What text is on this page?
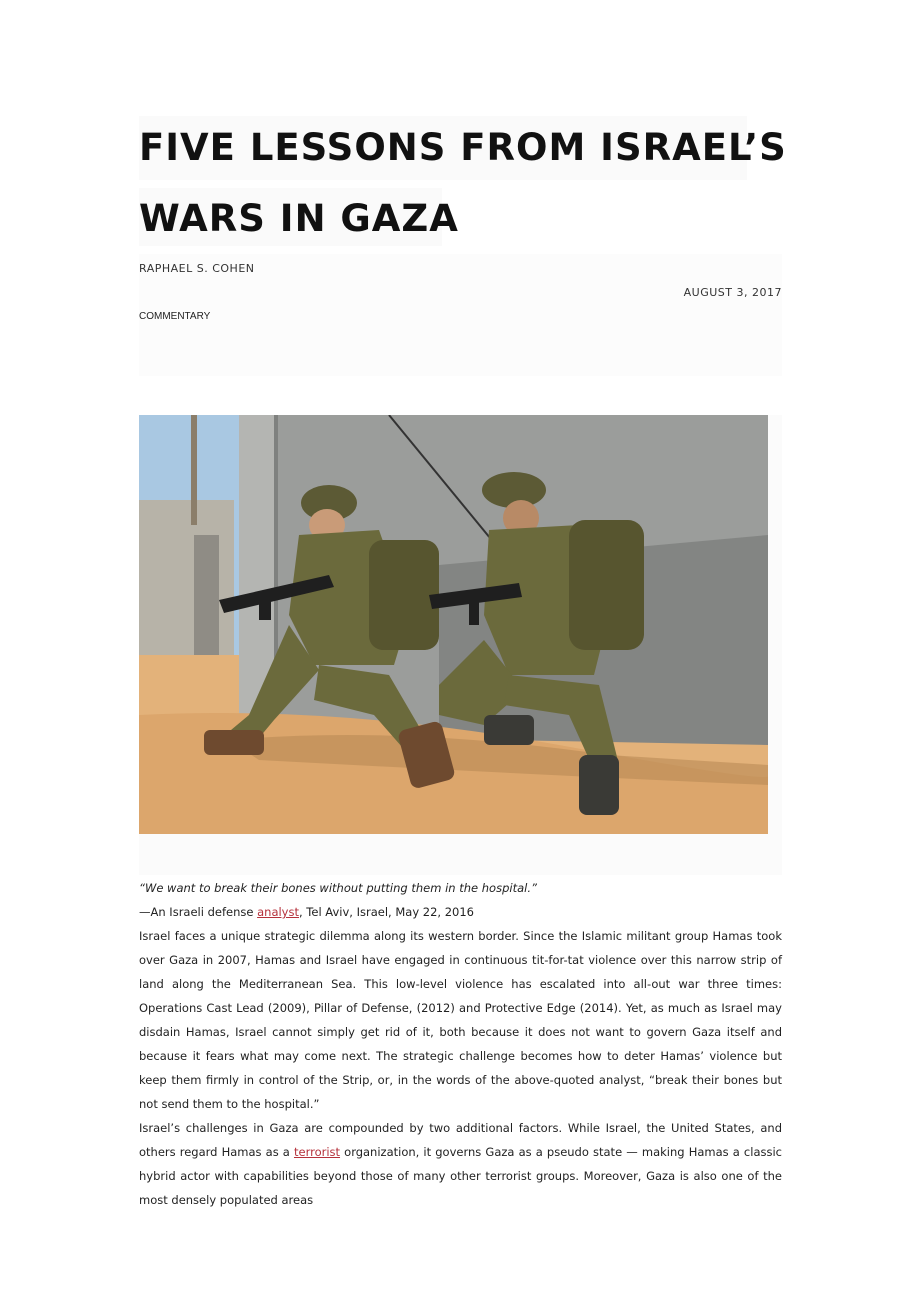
FIVE LESSONS FROM ISRAEL’S
WARS IN GAZA
RAPHAEL S. COHEN
AUGUST 3, 2017
COMMENTARY

“We want to break their bones without putting them in the hospital.”

—An Israeli defense analyst, Tel Aviv, Israel, May 22, 2016

Israel faces a unique strategic dilemma along its western border. Since the Islamic militant group Hamas took over Gaza in 2007, Hamas and Israel have engaged in continuous tit-for-tat violence over this narrow strip of land along the Mediterranean Sea. This low-level violence has escalated into all-out war three times: Operations Cast Lead (2009), Pillar of Defense, (2012) and Protective Edge (2014). Yet, as much as Israel may disdain Hamas, Israel cannot simply get rid of it, both because it does not want to govern Gaza itself and because it fears what may come next. The strategic challenge becomes how to deter Hamas’ violence but keep them firmly in control of the Strip, or, in the words of the above-quoted analyst, “break their bones but not send them to the hospital.”

Israel’s challenges in Gaza are compounded by two additional factors. While Israel, the United States, and others regard Hamas as a terrorist organization, it governs Gaza as a pseudo state — making Hamas a classic hybrid actor with capabilities beyond those of many other terrorist groups. Moreover, Gaza is also one of the most densely populated areas
